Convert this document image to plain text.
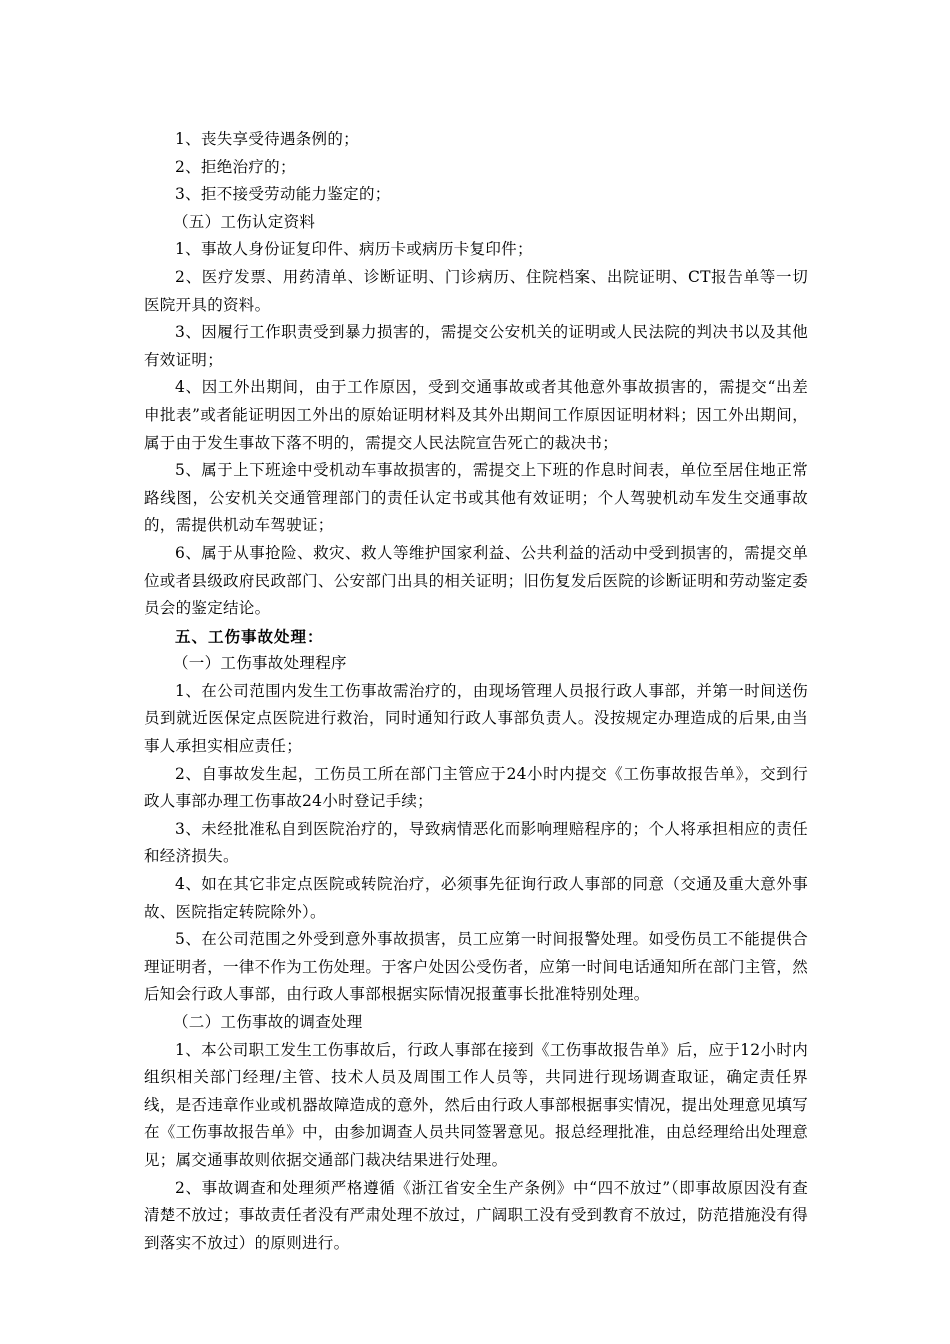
1、丧失享受待遇条例的；

2、拒绝治疗的；

3、拒不接受劳动能力鉴定的；

（五）工伤认定资料

1、事故人身份证复印件、病历卡或病历卡复印件；

2、医疗发票、用药清单、诊断证明、门诊病历、住院档案、出院证明、CT报告单等一切医院开具的资料。

3、因履行工作职责受到暴力损害的，需提交公安机关的证明或人民法院的判决书以及其他有效证明；

4、因工外出期间，由于工作原因，受到交通事故或者其他意外事故损害的，需提交“出差申批表”或者能证明因工外出的原始证明材料及其外出期间工作原因证明材料；因工外出期间，属于由于发生事故下落不明的，需提交人民法院宣告死亡的裁决书；

5、属于上下班途中受机动车事故损害的，需提交上下班的作息时间表，单位至居住地正常路线图，公安机关交通管理部门的责任认定书或其他有效证明；个人驾驶机动车发生交通事故的，需提供机动车驾驶证；

6、属于从事抢险、救灾、救人等维护国家利益、公共利益的活动中受到损害的，需提交单位或者县级政府民政部门、公安部门出具的相关证明；旧伤复发后医院的诊断证明和劳动鉴定委员会的鉴定结论。

五、工伤事故处理：

（一）工伤事故处理程序

1、在公司范围内发生工伤事故需治疗的，由现场管理人员报行政人事部，并第一时间送伤员到就近医保定点医院进行救治，同时通知行政人事部负责人。没按规定办理造成的后果,由当事人承担实相应责任；

2、自事故发生起，工伤员工所在部门主管应于24小时内提交《工伤事故报告单》，交到行政人事部办理工伤事故24小时登记手续；

3、未经批准私自到医院治疗的，导致病情恶化而影响理赔程序的；个人将承担相应的责任和经济损失。

4、如在其它非定点医院或转院治疗，必须事先征询行政人事部的同意（交通及重大意外事故、医院指定转院除外）。

5、在公司范围之外受到意外事故损害，员工应第一时间报警处理。如受伤员工不能提供合理证明者，一律不作为工伤处理。于客户处因公受伤者，应第一时间电话通知所在部门主管，然后知会行政人事部，由行政人事部根据实际情况报董事长批准特别处理。

（二）工伤事故的调查处理

1、本公司职工发生工伤事故后，行政人事部在接到《工伤事故报告单》后，应于12小时内组织相关部门经理/主管、技术人员及周围工作人员等，共同进行现场调查取证，确定责任界线，是否违章作业或机器故障造成的意外，然后由行政人事部根据事实情况，提出处理意见填写在《工伤事故报告单》中，由参加调查人员共同签署意见。报总经理批准，由总经理给出处理意见；属交通事故则依据交通部门裁决结果进行处理。

2、事故调查和处理须严格遵循《浙江省安全生产条例》中“四不放过”（即事故原因没有查清楚不放过；事故责任者没有严肃处理不放过，广阔职工没有受到教育不放过，防范措施没有得到落实不放过）的原则进行。
